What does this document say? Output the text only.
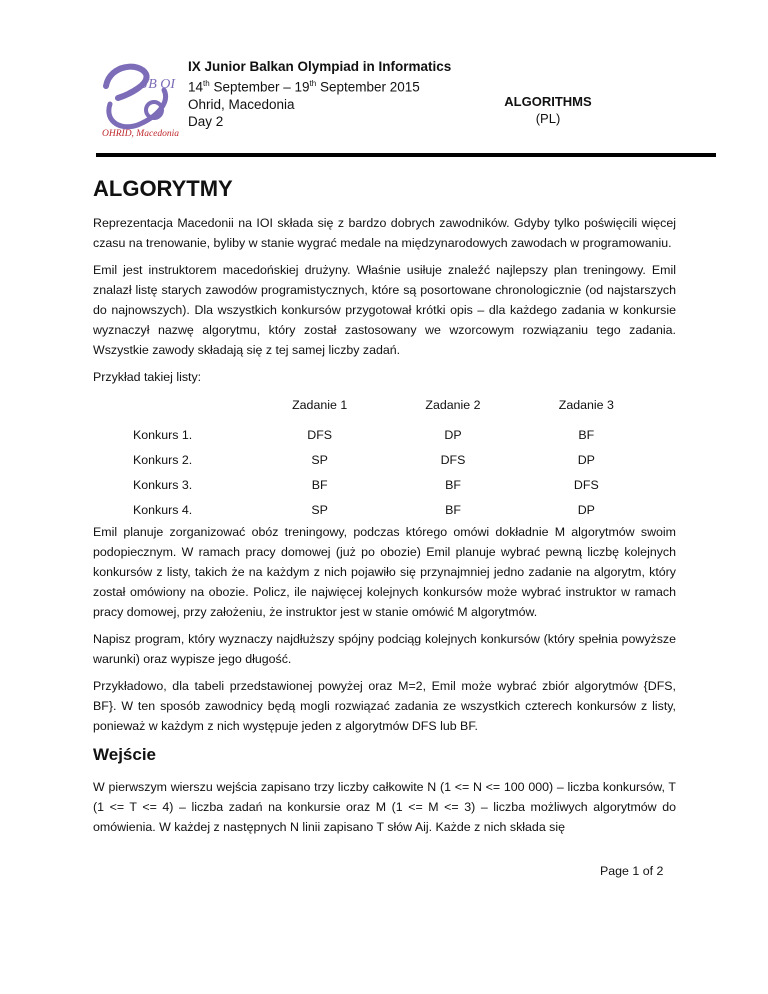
JB OI
OHRID, Macedonia
IX Junior Balkan Olympiad in Informatics
14th September – 19th September 2015
Ohrid, Macedonia
Day 2
ALGORITHMS
(PL)
ALGORYTMY

Reprezentacja Macedonii na IOI składa się z bardzo dobrych zawodników. Gdyby tylko poświęcili więcej czasu na trenowanie, byliby w stanie wygrać medale na międzynarodowych zawodach w programowaniu.

Emil jest instruktorem macedońskiej drużyny. Właśnie usiłuje znaleźć najlepszy plan treningowy. Emil znalazł listę starych zawodów programistycznych, które są posortowane chronologicznie (od najstarszych do najnowszych). Dla wszystkich konkursów przygotował krótki opis – dla każdego zadania w konkursie wyznaczył nazwę algorytmu, który został zastosowany we wzorcowym rozwiązaniu tego zadania. Wszystkie zawody składają się z tej samej liczby zadań.

Przykład takiej listy:

	Zadanie 1	Zadanie 2	Zadanie 3
Konkurs 1.	DFS	DP	BF
Konkurs 2.	SP	DFS	DP
Konkurs 3.	BF	BF	DFS
Konkurs 4.	SP	BF	DP

Emil planuje zorganizować obóz treningowy, podczas którego omówi dokładnie M algorytmów swoim podopiecznym. W ramach pracy domowej (już po obozie) Emil planuje wybrać pewną liczbę kolejnych konkursów z listy, takich że na każdym z nich pojawiło się przynajmniej jedno zadanie na algorytm, który został omówiony na obozie. Policz, ile najwięcej kolejnych konkursów może wybrać instruktor w ramach pracy domowej, przy założeniu, że instruktor jest w stanie omówić M algorytmów.

Napisz program, który wyznaczy najdłuższy spójny podciąg kolejnych konkursów (który spełnia powyższe warunki) oraz wypisze jego długość.

Przykładowo, dla tabeli przedstawionej powyżej oraz M=2, Emil może wybrać zbiór algorytmów {DFS, BF}. W ten sposób zawodnicy będą mogli rozwiązać zadania ze wszystkich czterech konkursów z listy, ponieważ w każdym z nich występuje jeden z algorytmów DFS lub BF.

Wejście

W pierwszym wierszu wejścia zapisano trzy liczby całkowite N (1 <= N <= 100 000) – liczba konkursów, T (1 <= T <= 4) – liczba zadań na konkursie oraz M (1 <= M <= 3) – liczba możliwych algorytmów do omówienia. W każdej z następnych N linii zapisano T słów Aij. Każde z nich składa się

Page 1 of 2
